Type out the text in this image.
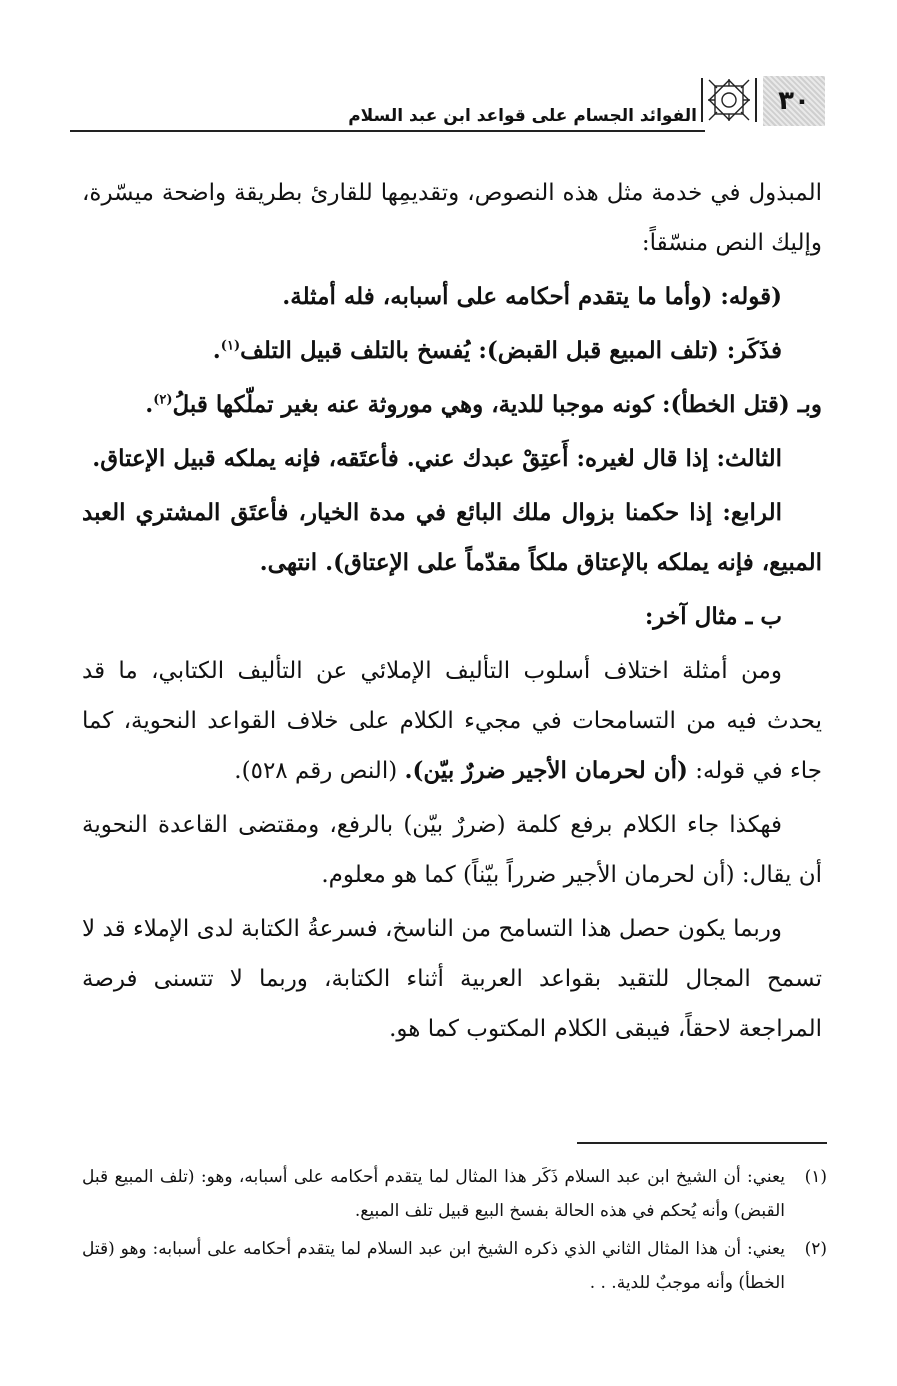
الفوائد الجسام على قواعد ابن عبد السلام	٣٠

المبذول في خدمة مثل هذه النصوص، وتقديمِها للقارئ بطريقة واضحة ميسّرة، وإليك النص منسّقاً:

(قوله: (وأما ما يتقدم أحكامه على أسبابه، فله أمثلة.

فذَكَر: (تلف المبيع قبل القبض): يُفسخ بالتلف قبيل التلف$^{(١)}$.

وبـ (قتل الخطأ): كونه موجبا للدية، وهي موروثة عنه بغير تملّكها قبلُ$^{(٢)}$.

الثالث: إذا قال لغيره: أَعتِقْ عبدك عني. فأعتَقه، فإنه يملكه قبيل الإعتاق.

الرابع: إذا حكمنا بزوال ملك البائع في مدة الخيار، فأعتَق المشتري العبد المبيع، فإنه يملكه بالإعتاق ملكاً مقدّماً على الإعتاق). انتهى.

ب ـ مثال آخر:

ومن أمثلة اختلاف أسلوب التأليف الإملائي عن التأليف الكتابي، ما قد يحدث فيه من التسامحات في مجيء الكلام على خلاف القواعد النحوية، كما جاء في قوله: (أن لحرمان الأجير ضررٌ بيّن). (النص رقم ٥٢٨).

فهكذا جاء الكلام برفع كلمة (ضررٌ بيّن) بالرفع، ومقتضى القاعدة النحوية أن يقال: (أن لحرمان الأجير ضرراً بيّناً) كما هو معلوم.

وربما يكون حصل هذا التسامح من الناسخ، فسرعةُ الكتابة لدى الإملاء قد لا تسمح المجال للتقيد بقواعد العربية أثناء الكتابة، وربما لا تتسنى فرصة المراجعة لاحقاً، فيبقى الكلام المكتوب كما هو.

(١)
يعني: أن الشيخ ابن عبد السلام ذَكَر هذا المثال لما يتقدم أحكامه على أسبابه، وهو: (تلف المبيع قبل القبض) وأنه يُحكم في هذه الحالة بفسخ البيع قبيل تلف المبيع.
(٢)
يعني: أن هذا المثال الثاني الذي ذكره الشيخ ابن عبد السلام لما يتقدم أحكامه على أسبابه: وهو (قتل الخطأ) وأنه موجبٌ للدية. . .
